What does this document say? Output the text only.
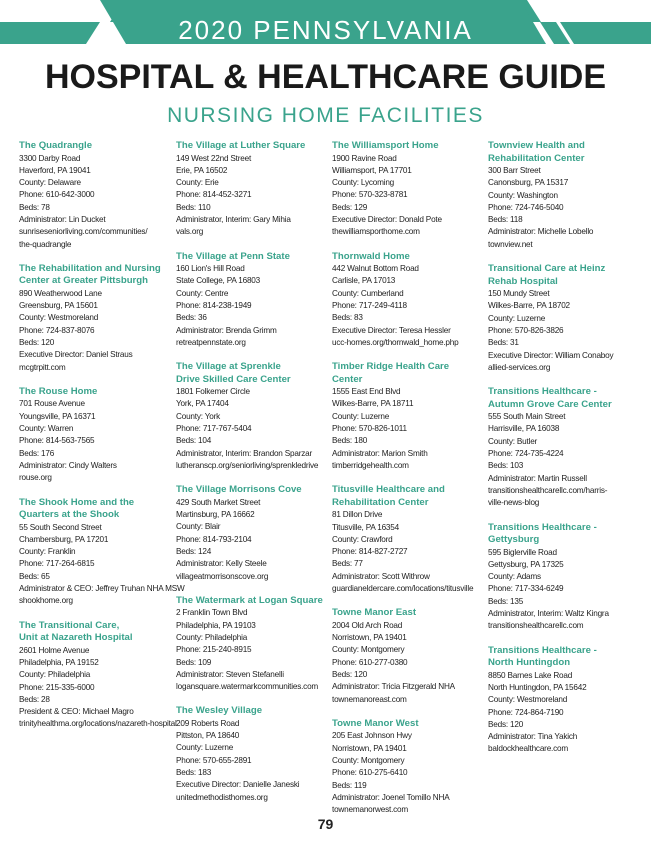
2020 PENNSYLVANIA
HOSPITAL & HEALTHCARE GUIDE
NURSING HOME FACILITIES
The Quadrangle
3300 Darby Road
Haverford, PA 19041
County: Delaware
Phone: 610-642-3000
Beds: 78
Administrator: Lin Ducket
sunriseseniorliving.com/communities/
the-quadrangle
The Rehabilitation and Nursing
Center at Greater Pittsburgh
890 Weatherwood Lane
Greensburg, PA 15601
County: Westmoreland
Phone: 724-837-8076
Beds: 120
Executive Director: Daniel Straus
mcgtrpitt.com
The Rouse Home
701 Rouse Avenue
Youngsville, PA 16371
County: Warren
Phone: 814-563-7565
Beds: 176
Administrator: Cindy Walters
rouse.org
The Shook Home and the
Quarters at the Shook
55 South Second Street
Chambersburg, PA 17201
County: Franklin
Phone: 717-264-6815
Beds: 65
Administrator & CEO: Jeffrey Truhan NHA MSW
shookhome.org
The Transitional Care,
Unit at Nazareth Hospital
2601 Holme Avenue
Philadelphia, PA 19152
County: Philadelphia
Phone: 215-335-6000
Beds: 28
President & CEO: Michael Magro
trinityhealthma.org/locations/nazareth-hospital
The Village at Luther Square
149 West 22nd Street
Erie, PA 16502
County: Erie
Phone: 814-452-3271
Beds: 110
Administrator, Interim: Gary Mihia
vals.org
The Village at Penn State
160 Lion's Hill Road
State College, PA 16803
County: Centre
Phone: 814-238-1949
Beds: 36
Administrator: Brenda Grimm
retreatpennstate.org
The Village at Sprenkle
Drive Skilled Care Center
1801 Folkemer Circle
York, PA 17404
County: York
Phone: 717-767-5404
Beds: 104
Administrator, Interim: Brandon Sparzar
lutheranscp.org/seniorliving/sprenkledrive
The Village Morrisons Cove
429 South Market Street
Martinsburg, PA 16662
County: Blair
Phone: 814-793-2104
Beds: 124
Administrator: Kelly Steele
villageatmorrisonscove.org
The Watermark at Logan Square
2 Franklin Town Blvd
Philadelphia, PA 19103
County: Philadelphia
Phone: 215-240-8915
Beds: 109
Administrator: Steven Stefanelli
logansquare.watermarkcommunities.com
The Wesley Village
209 Roberts Road
Pittston, PA 18640
County: Luzerne
Phone: 570-655-2891
Beds: 183
Executive Director: Danielle Janeski
unitedmethodisthomes.org
The Williamsport Home
1900 Ravine Road
Williamsport, PA 17701
County: Lycoming
Phone: 570-323-8781
Beds: 129
Executive Director: Donald Pote
thewilliamsporthome.com
Thornwald Home
442 Walnut Bottom Road
Carlisle, PA 17013
County: Cumberland
Phone: 717-249-4118
Beds: 83
Executive Director: Teresa Hessler
ucc-homes.org/thornwald_home.php
Timber Ridge Health Care Center
1555 East End Blvd
Wilkes-Barre, PA 18711
County: Luzerne
Phone: 570-826-1011
Beds: 180
Administrator: Marion Smith
timberridgehealth.com
Titusville Healthcare and
Rehabilitation Center
81 Dillon Drive
Titusville, PA 16354
County: Crawford
Phone: 814-827-2727
Beds: 77
Administrator: Scott Withrow
guardianeldercare.com/locations/titusville
Towne Manor East
2004 Old Arch Road
Norristown, PA 19401
County: Montgomery
Phone: 610-277-0380
Beds: 120
Administrator: Tricia Fitzgerald NHA
townemanoreast.com
Towne Manor West
205 East Johnson Hwy
Norristown, PA 19401
County: Montgomery
Phone: 610-275-6410
Beds: 119
Administrator: Joenel Tomillo NHA
townemanorwest.com
Townview Health and
Rehabilitation Center
300 Barr Street
Canonsburg, PA 15317
County: Washington
Phone: 724-746-5040
Beds: 118
Administrator: Michelle Lobello
townview.net
Transitional Care at Heinz
Rehab Hospital
150 Mundy Street
Wilkes-Barre, PA 18702
County: Luzerne
Phone: 570-826-3826
Beds: 31
Executive Director: William Conaboy
allied-services.org
Transitions Healthcare -
Autumn Grove Care Center
555 South Main Street
Harrisville, PA 16038
County: Butler
Phone: 724-735-4224
Beds: 103
Administrator: Martin Russell
transitionshealthcarellc.com/harris-
ville-news-blog
Transitions Healthcare -
Gettysburg
595 Biglerville Road
Gettysburg, PA 17325
County: Adams
Phone: 717-334-6249
Beds: 135
Administrator, Interim: Waltz Kingra
transitionshealthcarellc.com
Transitions Healthcare -
North Huntingdon
8850 Barnes Lake Road
North Huntingdon, PA 15642
County: Westmoreland
Phone: 724-864-7190
Beds: 120
Administrator: Tina Yakich
baldockhealthcare.com
79
